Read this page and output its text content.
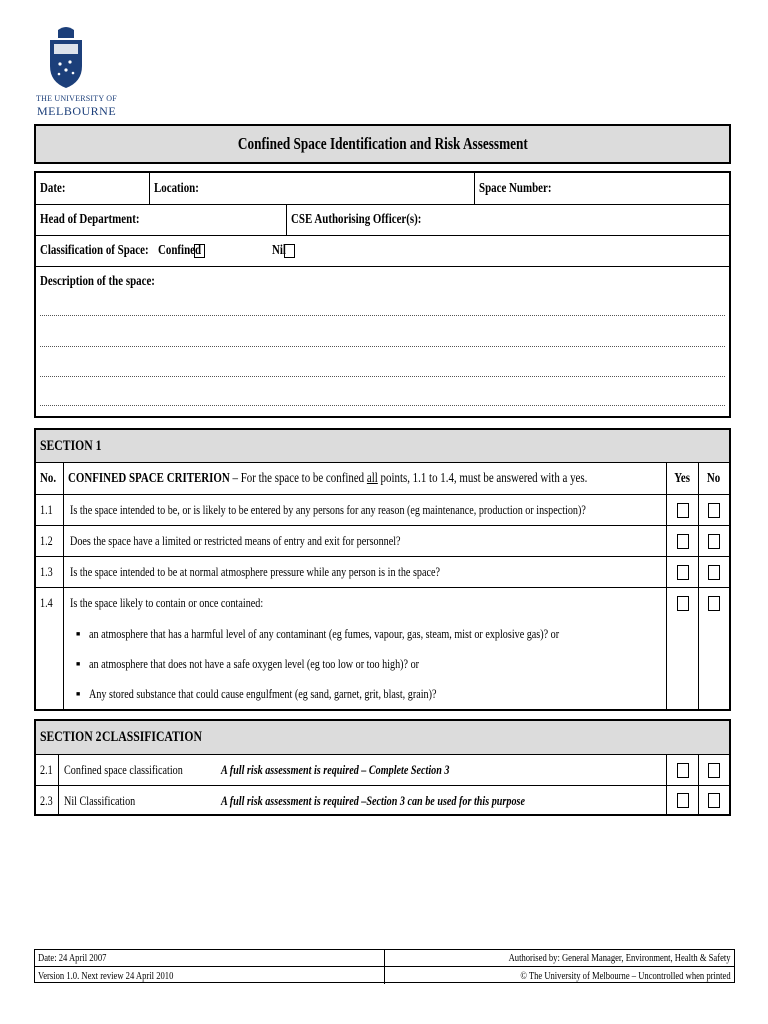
THE UNIVERSITY OF
MELBOURNE
Confined Space Identification and Risk Assessment
Date:	Location:	Space Number:
Head of Department:	CSE Authorising Officer(s):
Classification of Space: Confined	Nil
Description of the space:
SECTION 1
No. CONFINED SPACE CRITERION – For the space to be confined all points, 1.1 to 1.4, must be answered with a yes.	Yes No
1.1 Is the space intended to be, or is likely to be entered by any persons for any reason (eg maintenance, production or inspection)?
1.2 Does the space have a limited or restricted means of entry and exit for personnel?
1.3 Is the space intended to be at normal atmosphere pressure while any person is in the space?
1.4 Is the space likely to contain or once contained:
■ an atmosphere that has a harmful level of any contaminant (eg fumes, vapour, gas, steam, mist or explosive gas)? or
■ an atmosphere that does not have a safe oxygen level (eg too low or too high)? or
■ Any stored substance that could cause engulfment (eg sand, garnet, grit, blast, grain)?
SECTION 2 CLASSIFICATION
2.1 Confined space classification	A full risk assessment is required – Complete Section 3
2.3 Nil Classification	A full risk assessment is required –Section 3 can be used for this purpose
Date: 24 April 2007	Authorised by: General Manager, Environment, Health & Safety
Version 1.0. Next review 24 April 2010	© The University of Melbourne – Uncontrolled when printed
